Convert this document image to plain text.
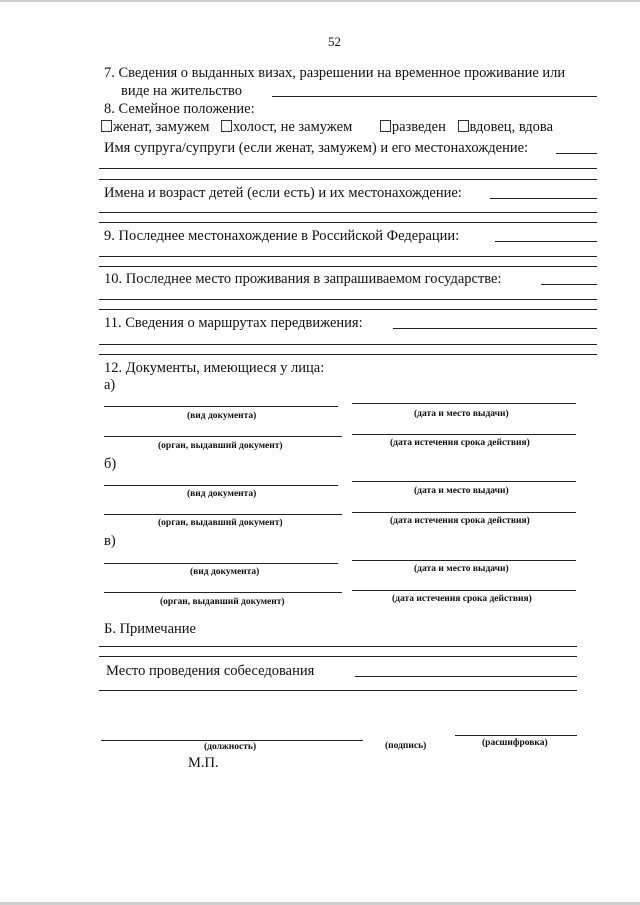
52
7. Сведения о выданных визах, разрешении на временное проживание или
виде на жительство
8. Семейное положение:
женат, замужем холост, не замужем	разведен вдовец, вдова
Имя супруга/супруги (если женат, замужем) и его местонахождение:
Имена и возраст детей (если есть) и их местонахождение:
9. Последнее местонахождение в Российской Федерации:
10. Последнее место проживания в запрашиваемом государстве:
11. Сведения о маршрутах передвижения:
12. Документы, имеющиеся у лица:
а)
(вид документа)	(дата и место выдачи)
(орган, выдавший документ)	(дата истечения срока действия)
б)
(вид документа)	(дата и место выдачи)
(орган, выдавший документ)	(дата истечения срока действия)
в)
(вид документа)	(дата и место выдачи)
(орган, выдавший документ)	(дата истечения срока действия)
Б. Примечание
Место проведения собеседования
(должность)	(подпись)	(расшифровка)
М.П.
